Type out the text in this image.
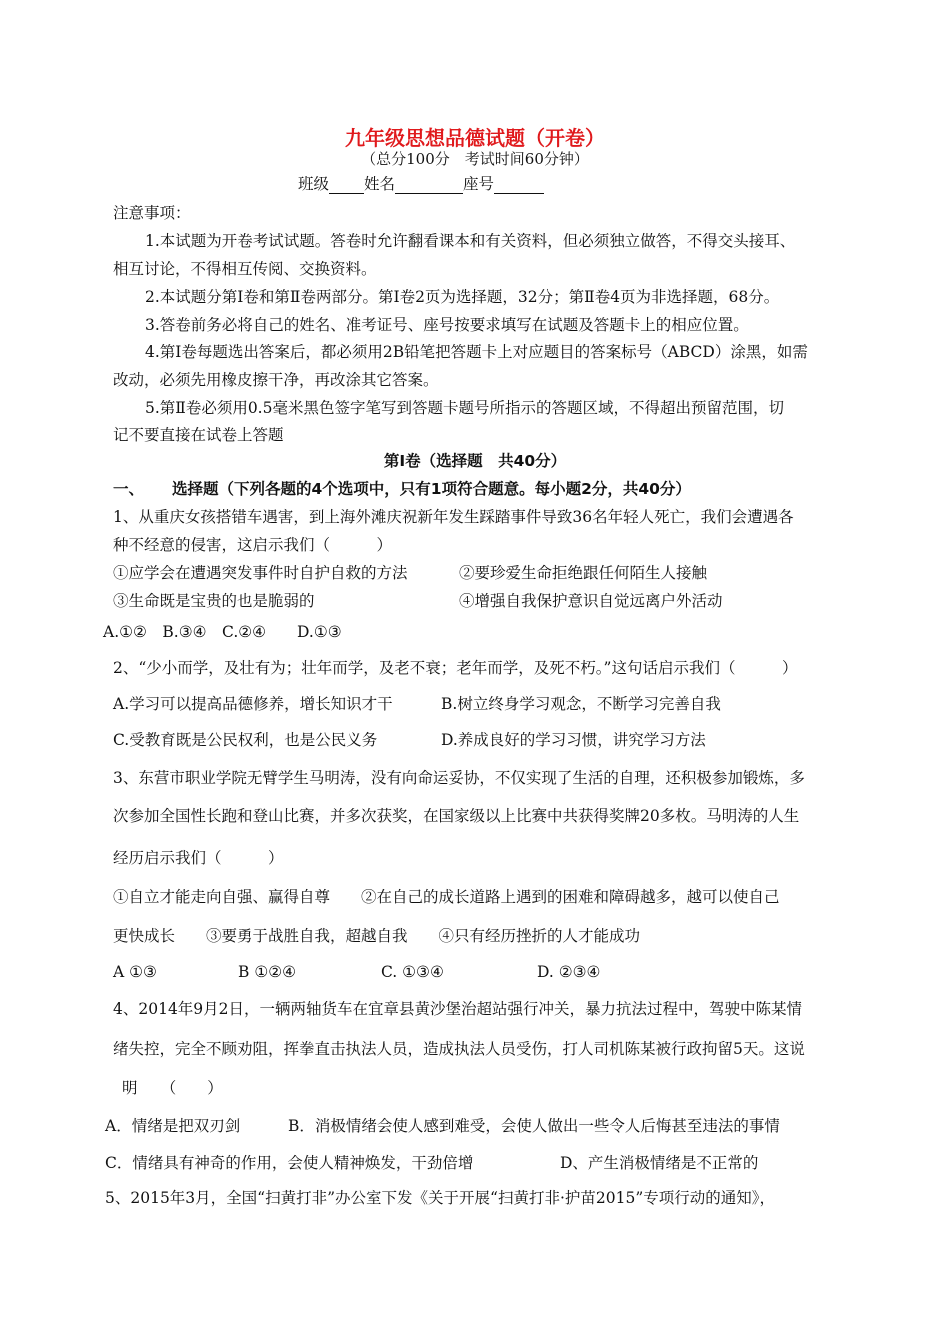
九年级思想品德试题（开卷）
（总分100分　考试时间60分钟）
班级 姓名	座号
注意事项：
1.本试题为开卷考试试题。答卷时允许翻看课本和有关资料，但必须独立做答，不得交头接耳、
相互讨论，不得相互传阅、交换资料。
2.本试题分第Ⅰ卷和第Ⅱ卷两部分。第Ⅰ卷2页为选择题，32分；第Ⅱ卷4页为非选择题，68分。
3.答卷前务必将自己的姓名、准考证号、座号按要求填写在试题及答题卡上的相应位置。
4.第Ⅰ卷每题选出答案后，都必须用2B铅笔把答题卡上对应题目的答案标号（ABCD）涂黑，如需
改动，必须先用橡皮擦干净，再改涂其它答案。
5.第Ⅱ卷必须用0.5毫米黑色签字笔写到答题卡题号所指示的答题区域，不得超出预留范围，切
记不要直接在试卷上答题
第Ⅰ卷（选择题　共40分）
一、 选择题（下列各题的4个选项中，只有1项符合题意。每小题2分，共40分）
1、从重庆女孩搭错车遇害，到上海外滩庆祝新年发生踩踏事件导致36名年轻人死亡，我们会遭遇各
种不经意的侵害，这启示我们（　　　）
①应学会在遭遇突发事件时自护自救的方法	②要珍爱生命拒绝跟任何陌生人接触
③生命既是宝贵的也是脆弱的	④增强自我保护意识自觉远离户外活动
A.①②　B.③④　C.②④　　D.①③
2、“少小而学，及壮有为；壮年而学，及老不衰；老年而学，及死不朽。”这句话启示我们（　　　）
A.学习可以提高品德修养，增长知识才干	B.树立终身学习观念，不断学习完善自我
C.受教育既是公民权利，也是公民义务	D.养成良好的学习习惯，讲究学习方法
3、东营市职业学院无臂学生马明涛，没有向命运妥协，不仅实现了生活的自理，还积极参加锻炼，多
次参加全国性长跑和登山比赛，并多次获奖，在国家级以上比赛中共获得奖牌20多枚。马明涛的人生
经历启示我们（　　　）
①自立才能走向自强、赢得自尊　　②在自己的成长道路上遇到的困难和障碍越多，越可以使自己
更快成长　　③要勇于战胜自我，超越自我　　④只有经历挫折的人才能成功
A ①③	B ①②④	C. ①③④	D. ②③④
4、2014年9月2日，一辆两轴货车在宜章县黄沙堡治超站强行冲关，暴力抗法过程中，驾驶中陈某情
绪失控，完全不顾劝阻，挥拳直击执法人员，造成执法人员受伤，打人司机陈某被行政拘留5天。这说
明　　（　　）
A．情绪是把双刃剑	B．消极情绪会使人感到难受，会使人做出一些令人后悔甚至违法的事情
C．情绪具有神奇的作用，会使人精神焕发，干劲倍增	D、产生消极情绪是不正常的
5、2015年3月，全国“扫黄打非”办公室下发《关于开展“扫黄打非·护苗2015”专项行动的通知》，
